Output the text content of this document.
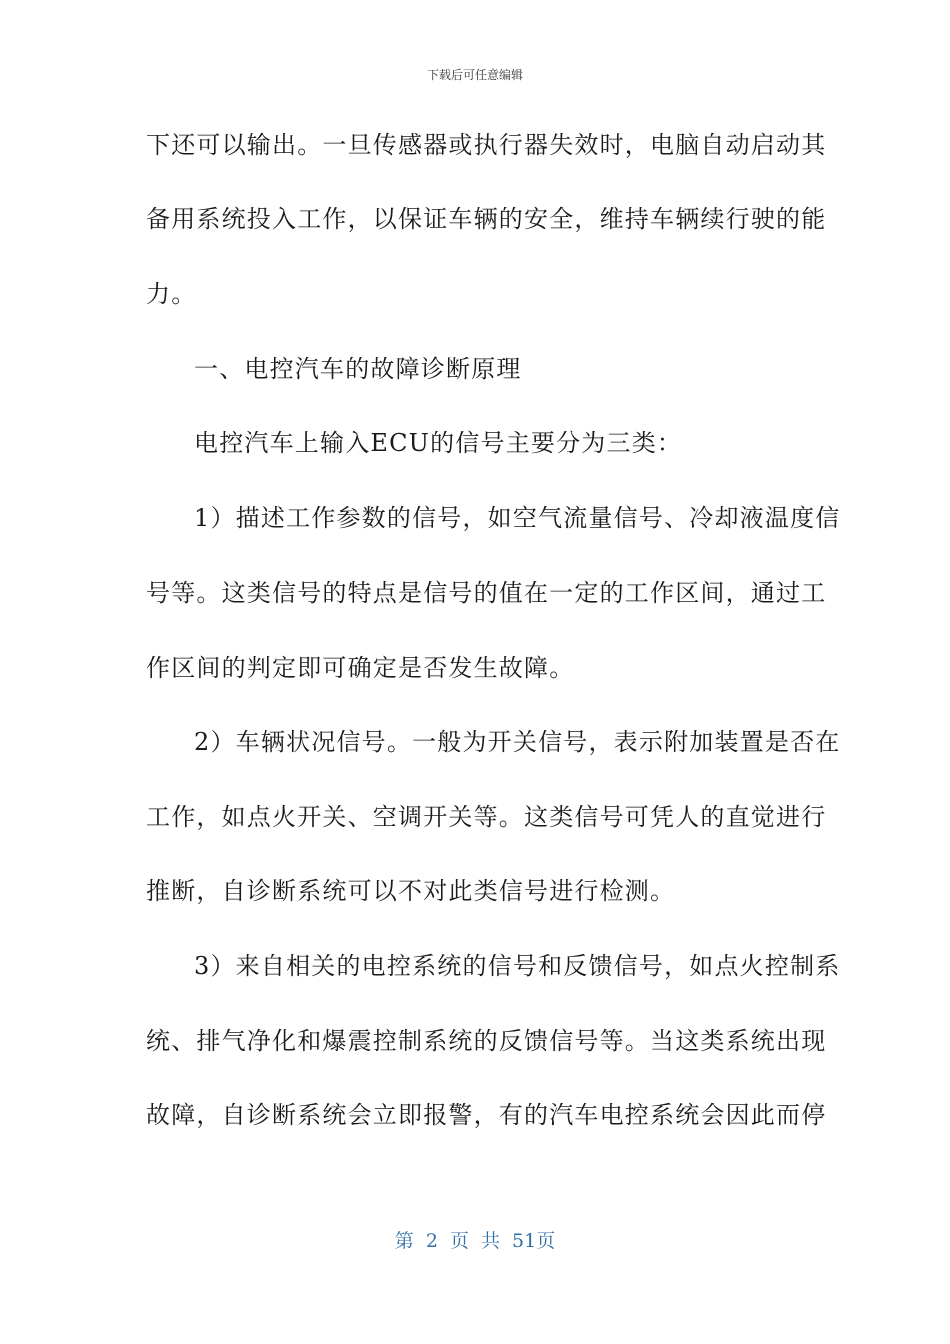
下载后可任意编辑
下还可以输出。一旦传感器或执行器失效时，电脑自动启动其
备用系统投入工作，以保证车辆的安全，维持车辆续行驶的能
力。
一、电控汽车的故障诊断原理
电控汽车上输入ECU的信号主要分为三类：
1）描述工作参数的信号，如空气流量信号、冷却液温度信
号等。这类信号的特点是信号的值在一定的工作区间，通过工
作区间的判定即可确定是否发生故障。
2）车辆状况信号。一般为开关信号，表示附加装置是否在
工作，如点火开关、空调开关等。这类信号可凭人的直觉进行
推断，自诊断系统可以不对此类信号进行检测。
3）来自相关的电控系统的信号和反馈信号，如点火控制系
统、排气净化和爆震控制系统的反馈信号等。当这类系统出现
故障，自诊断系统会立即报警，有的汽车电控系统会因此而停
第 2 页 共 51页
